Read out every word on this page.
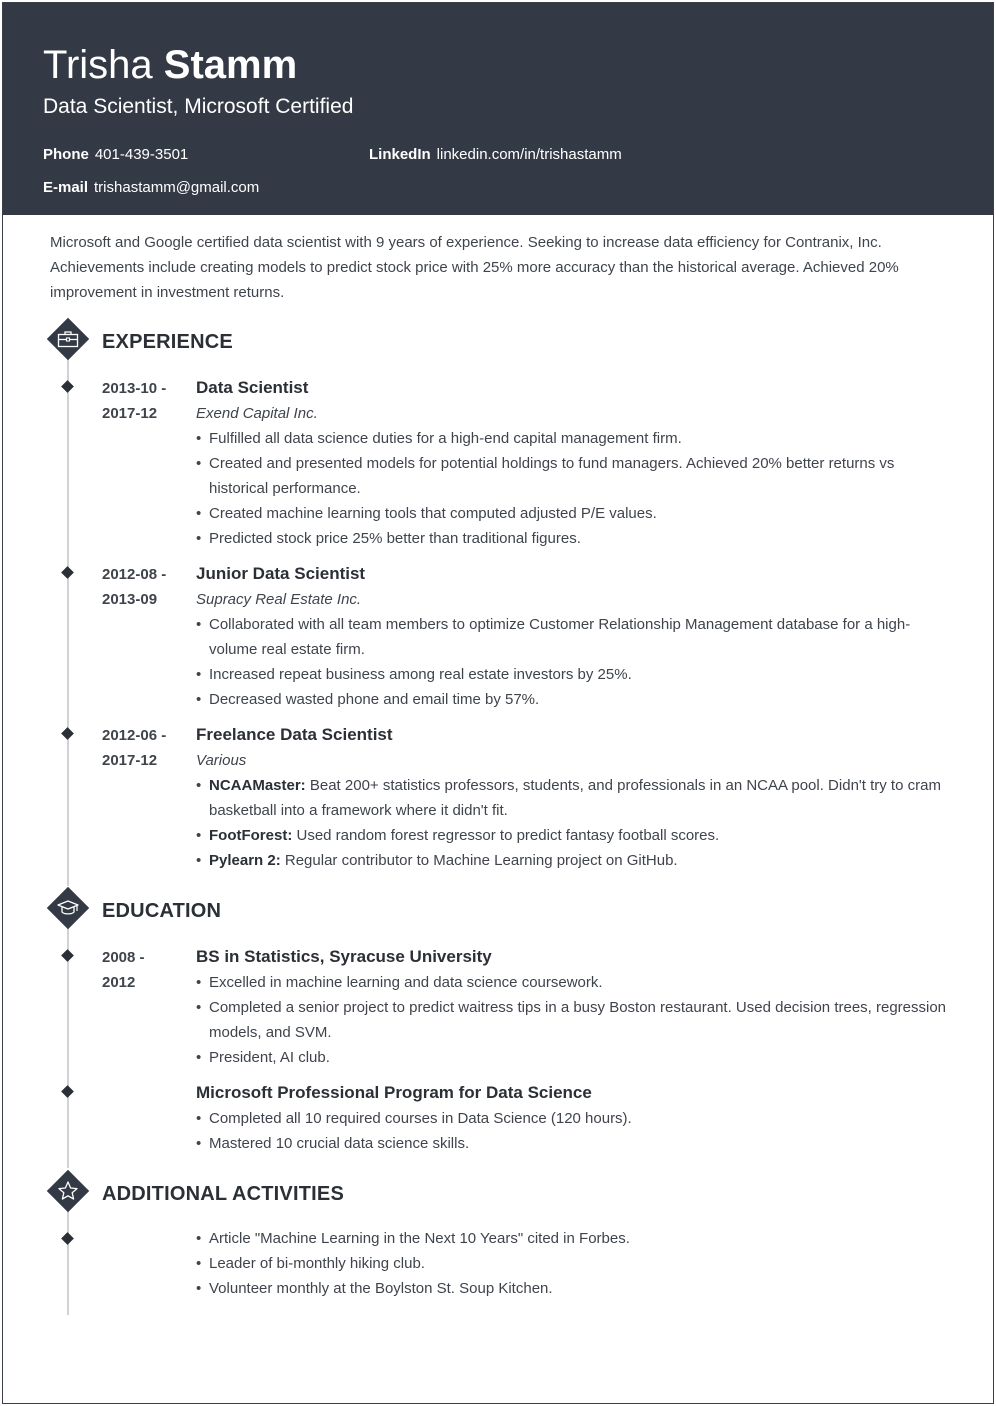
Trisha Stamm
Data Scientist, Microsoft Certified
Phone 401-439-3501	LinkedIn linkedin.com/in/trishastamm
E-mail trishastamm@gmail.com
Microsoft and Google certified data scientist with 9 years of experience. Seeking to increase data efficiency for Contranix, Inc. Achievements include creating models to predict stock price with 25% more accuracy than the historical average. Achieved 20% improvement in investment returns.
EXPERIENCE
2013-10 -
2017-12
Data Scientist
Exend Capital Inc.
• Fulfilled all data science duties for a high-end capital management firm.
• Created and presented models for potential holdings to fund managers. Achieved 20% better returns vs historical performance.
• Created machine learning tools that computed adjusted P/E values.
• Predicted stock price 25% better than traditional figures.
2012-08 -
2013-09
Junior Data Scientist
Supracy Real Estate Inc.
• Collaborated with all team members to optimize Customer Relationship Management database for a high-volume real estate firm.
• Increased repeat business among real estate investors by 25%.
• Decreased wasted phone and email time by 57%.
2012-06 -
2017-12
Freelance Data Scientist
Various
• NCAAMaster: Beat 200+ statistics professors, students, and professionals in an NCAA pool. Didn't try to cram basketball into a framework where it didn't fit.
• FootForest: Used random forest regressor to predict fantasy football scores.
• Pylearn 2: Regular contributor to Machine Learning project on GitHub.
EDUCATION
2008 -
2012
BS in Statistics, Syracuse University
• Excelled in machine learning and data science coursework.
• Completed a senior project to predict waitress tips in a busy Boston restaurant. Used decision trees, regression models, and SVM.
• President, AI club.
Microsoft Professional Program for Data Science
• Completed all 10 required courses in Data Science (120 hours).
• Mastered 10 crucial data science skills.
ADDITIONAL ACTIVITIES
• Article "Machine Learning in the Next 10 Years" cited in Forbes.
• Leader of bi-monthly hiking club.
• Volunteer monthly at the Boylston St. Soup Kitchen.
